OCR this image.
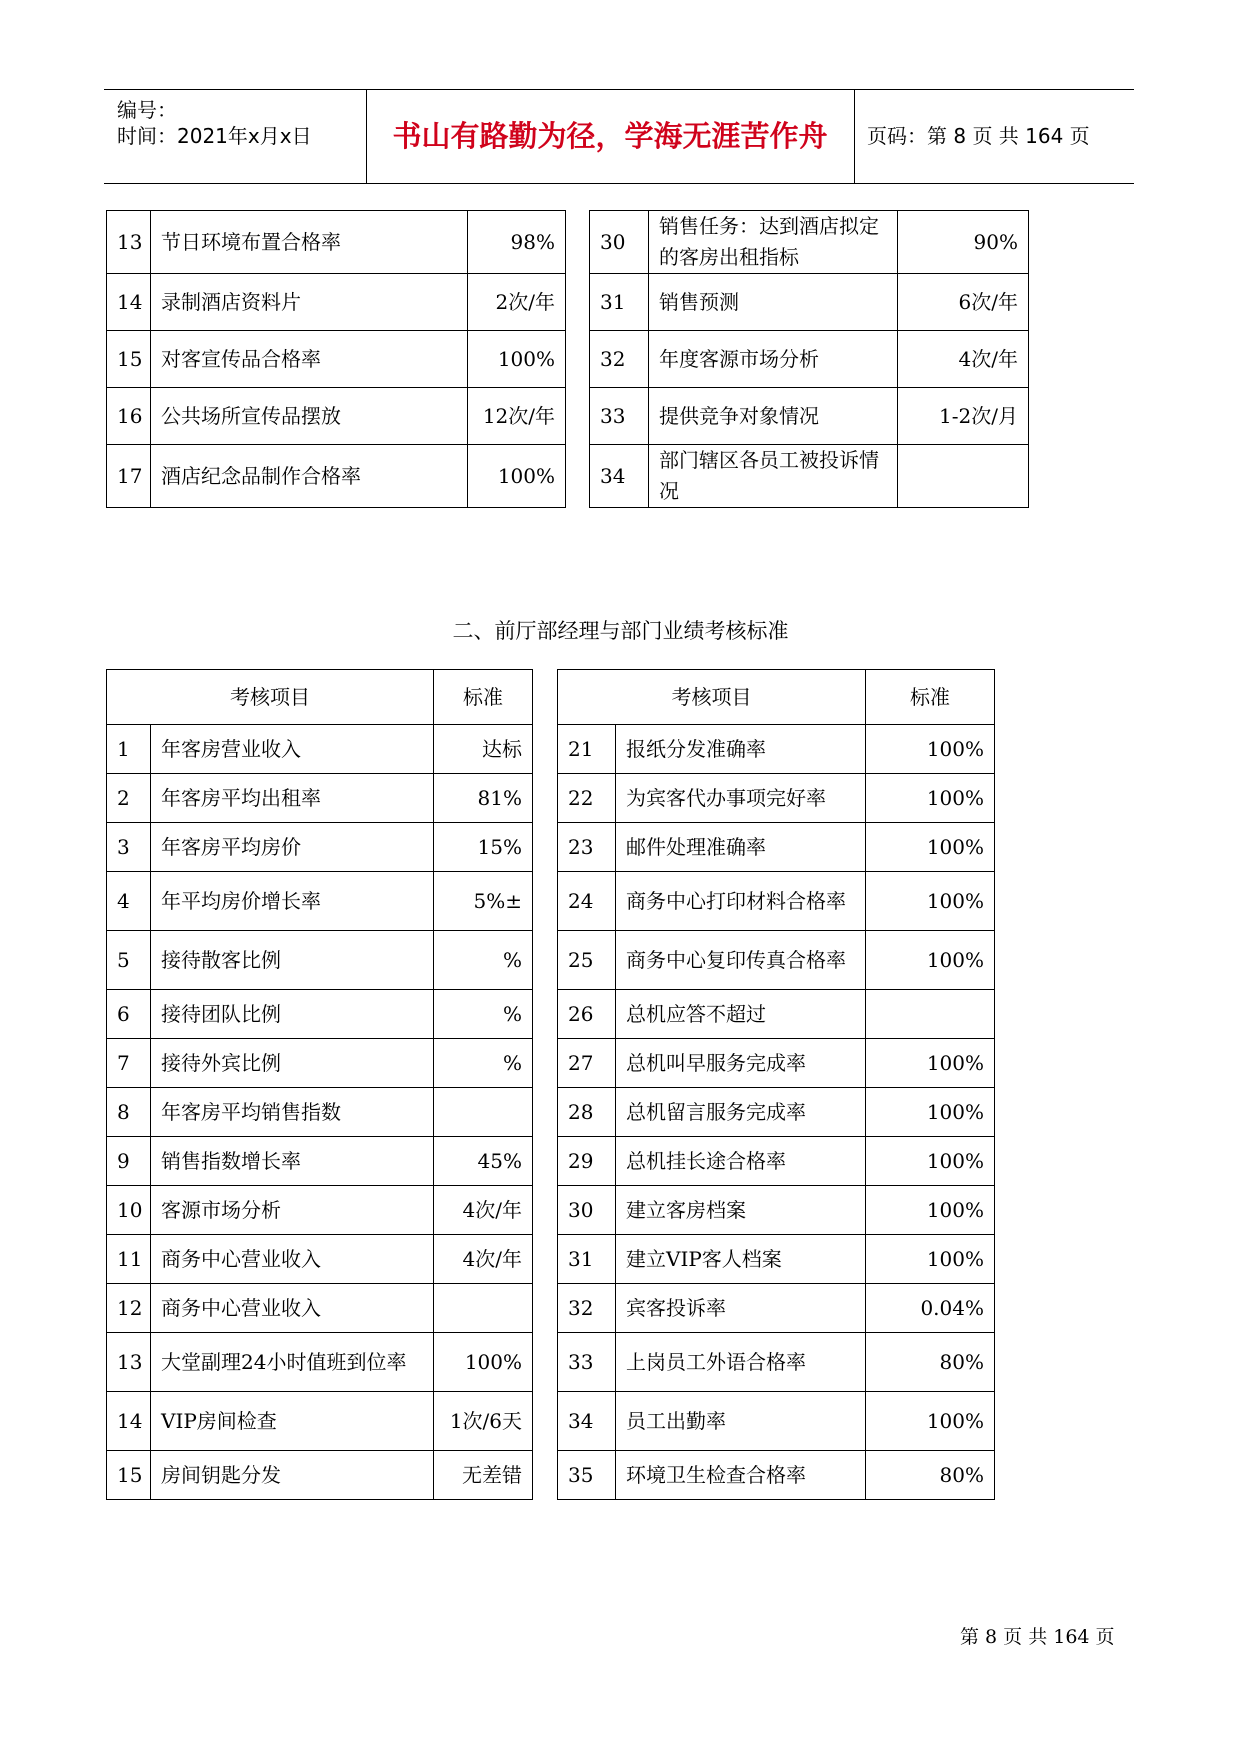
编号：
时间：2021年x月x日	书山有路勤为径，学海无涯苦作舟	页码：第 8 页 共 164 页
13	节日环境布置合格率	98%		30	销售任务：达到酒店拟定的客房出租指标	90%
14	录制酒店资料片	2次/年		31	销售预测	6次/年
15	对客宣传品合格率	100%		32	年度客源市场分析	4次/年
16	公共场所宣传品摆放	12次/年		33	提供竞争对象情况	1-2次/月
17	酒店纪念品制作合格率	100%		34	部门辖区各员工被投诉情况	
二、前厅部经理与部门业绩考核标准
考核项目		标准		考核项目		标准
1	年客房营业收入	达标		21	报纸分发准确率	100%
2	年客房平均出租率	81%		22	为宾客代办事项完好率	100%
3	年客房平均房价	15%		23	邮件处理准确率	100%
4	年平均房价增长率	5%±		24	商务中心打印材料合格率	100%
5	接待散客比例	%		25	商务中心复印传真合格率	100%
6	接待团队比例	%		26	总机应答不超过	
7	接待外宾比例	%		27	总机叫早服务完成率	100%
8	年客房平均销售指数			28	总机留言服务完成率	100%
9	销售指数增长率	45%		29	总机挂长途合格率	100%
10	客源市场分析	4次/年		30	建立客房档案	100%
11	商务中心营业收入	4次/年		31	建立VIP客人档案	100%
12	商务中心营业收入			32	宾客投诉率	0.04%
13	大堂副理24小时值班到位率	100%		33	上岗员工外语合格率	80%
14	VIP房间检查	1次/6天		34	员工出勤率	100%
15	房间钥匙分发	无差错		35	环境卫生检查合格率	80%
第 8 页 共 164 页
